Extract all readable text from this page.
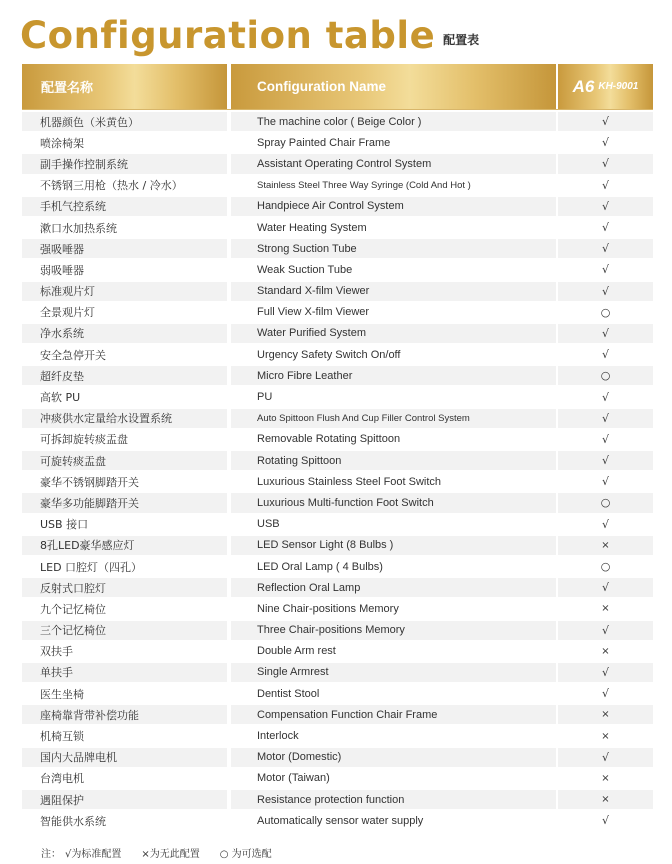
Configuration table 配置表
配置名称	Configuration Name	A6 KH-9001
机器颜色（米黄色）	The machine color ( Beige Color )	√
喷涂椅架	Spray Painted Chair Frame	√
副手操作控制系统	Assistant Operating Control System	√
不锈钢三用枪（热水 / 冷水）	Stainless Steel Three Way Syringe (Cold And Hot )	√
手机气控系统	Handpiece Air Control System	√
漱口水加热系统	Water Heating System	√
强吸唾器	Strong Suction Tube	√
弱吸唾器	Weak Suction Tube	√
标准观片灯	Standard X-film Viewer	√
全景观片灯	Full View X-film Viewer	○
净水系统	Water Purified System	√
安全急停开关	Urgency Safety Switch On/off	√
超纤皮垫	Micro Fibre Leather	○
高软 PU	PU	√
冲痰供水定量给水设置系统	Auto Spittoon Flush And Cup Filler Control System	√
可拆卸旋转痰盂盘	Removable Rotating Spittoon	√
可旋转痰盂盘	Rotating Spittoon	√
豪华不锈钢脚踏开关	Luxurious Stainless Steel Foot Switch	√
豪华多功能脚踏开关	Luxurious Multi-function Foot Switch	○
USB 接口	USB	√
8孔LED豪华感应灯	LED Sensor Light (8 Bulbs )	×
LED 口腔灯（四孔）	LED Oral Lamp ( 4 Bulbs)	○
反射式口腔灯	Reflection Oral Lamp	√
九个记忆椅位	Nine Chair-positions Memory	×
三个记忆椅位	Three Chair-positions Memory	√
双扶手	Double Arm rest	×
单扶手	Single Armrest	√
医生坐椅	Dentist Stool	√
座椅靠背带补偿功能	Compensation Function Chair Frame	×
机椅互锁	Interlock	×
国内大品牌电机	Motor (Domestic)	√
台湾电机	Motor (Taiwan)	×
遇阻保护	Resistance protection function	×
智能供水系统	Automatically sensor water supply	√
注： √为标准配置 ×为无此配置 ○ 为可选配
